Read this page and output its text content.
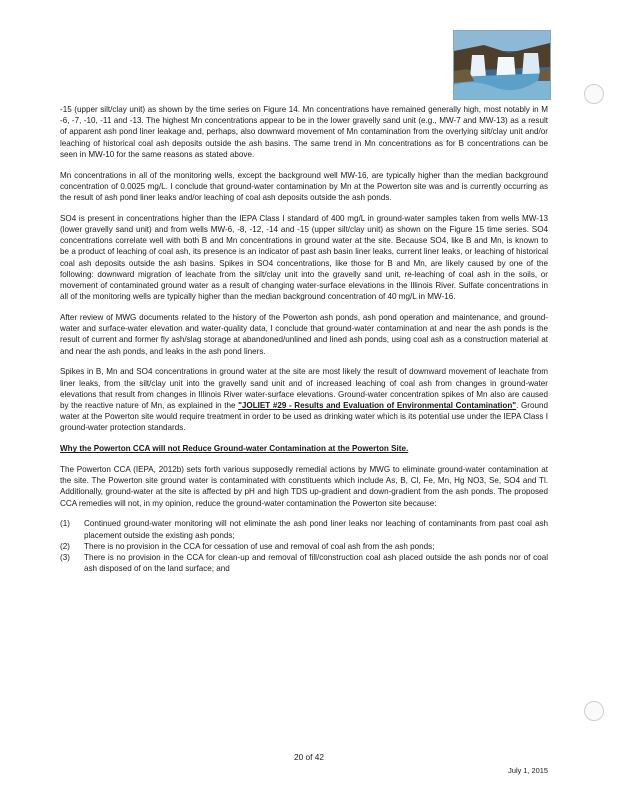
-15 (upper silt/clay unit) as shown by the time series on Figure 14. Mn concentrations have remained generally high, most notably in M -6, -7, -10, -11 and -13. The highest Mn concentrations appear to be in the lower gravelly sand unit (e.g., MW-7 and MW-13) as a result of apparent ash pond liner leakage and, perhaps, also downward movement of Mn contamination from the overlying silt/clay unit and/or leaching of historical coal ash deposits outside the ash basins. The same trend in Mn concentrations as for B concentrations can be seen in MW-10 for the same reasons as stated above.

Mn concentrations in all of the monitoring wells, except the background well MW-16, are typically higher than the median background concentration of 0.0025 mg/L. I conclude that ground-water contamination by Mn at the Powerton site was and is currently occurring as the result of ash pond liner leaks and/or leaching of coal ash deposits outside the ash ponds.

SO4 is present in concentrations higher than the IEPA Class I standard of 400 mg/L in ground-water samples taken from wells MW-13 (lower gravelly sand unit) and from wells MW-6, -8, -12, -14 and -15 (upper silt/clay unit) as shown on the Figure 15 time series. SO4 concentrations correlate well with both B and Mn concentrations in ground water at the site. Because SO4, like B and Mn, is known to be a product of leaching of coal ash, its presence is an indicator of past ash basin liner leaks, current liner leaks, or leaching of historical coal ash deposits outside the ash basins. Spikes in SO4 concentrations, like those for B and Mn, are likely caused by one of the following: downward migration of leachate from the silt/clay unit into the gravelly sand unit, re-leaching of coal ash in the soils, or movement of contaminated ground water as a result of changing water-surface elevations in the Illinois River. Sulfate concentrations in all of the monitoring wells are typically higher than the median background concentration of 40 mg/L in MW-16.

After review of MWG documents related to the history of the Powerton ash ponds, ash pond operation and maintenance, and ground-water and surface-water elevation and water-quality data, I conclude that ground-water contamination at and near the ash ponds is the result of current and former fly ash/slag storage at abandoned/unlined and lined ash ponds, using coal ash as a construction material at and near the ash ponds, and leaks in the ash pond liners.

Spikes in B, Mn and SO4 concentrations in ground water at the site are most likely the result of downward movement of leachate from liner leaks, from the silt/clay unit into the gravelly sand unit and of increased leaching of coal ash from changes in ground-water elevations that result from changes in Illinois River water-surface elevations. Ground-water concentration spikes of Mn also are caused by the reactive nature of Mn, as explained in the "JOLIET #29 - Results and Evaluation of Environmental Contamination". Ground water at the Powerton site would require treatment in order to be used as drinking water which is its potential use under the IEPA Class I ground-water protection standards.

Why the Powerton CCA will not Reduce Ground-water Contamination at the Powerton Site.

The Powerton CCA (IEPA, 2012b) sets forth various supposedly remedial actions by MWG to eliminate ground-water contamination at the site. The Powerton site ground water is contaminated with constituents which include As, B, Cl, Fe, Mn, Hg NO3, Se, SO4 and Tl. Additionally, ground-water at the site is affected by pH and high TDS up-gradient and down-gradient from the ash ponds. The proposed CCA remedies will not, in my opinion, reduce the ground-water contamination the Powerton site because:

(1) Continued ground-water monitoring will not eliminate the ash pond liner leaks nor leaching of contaminants from past coal ash placement outside the existing ash ponds;
(2) There is no provision in the CCA for cessation of use and removal of coal ash from the ash ponds;
(3) There is no provision in the CCA for clean-up and removal of fill/construction coal ash placed outside the ash ponds nor of coal ash disposed of on the land surface; and
20 of 42
July 1, 2015
